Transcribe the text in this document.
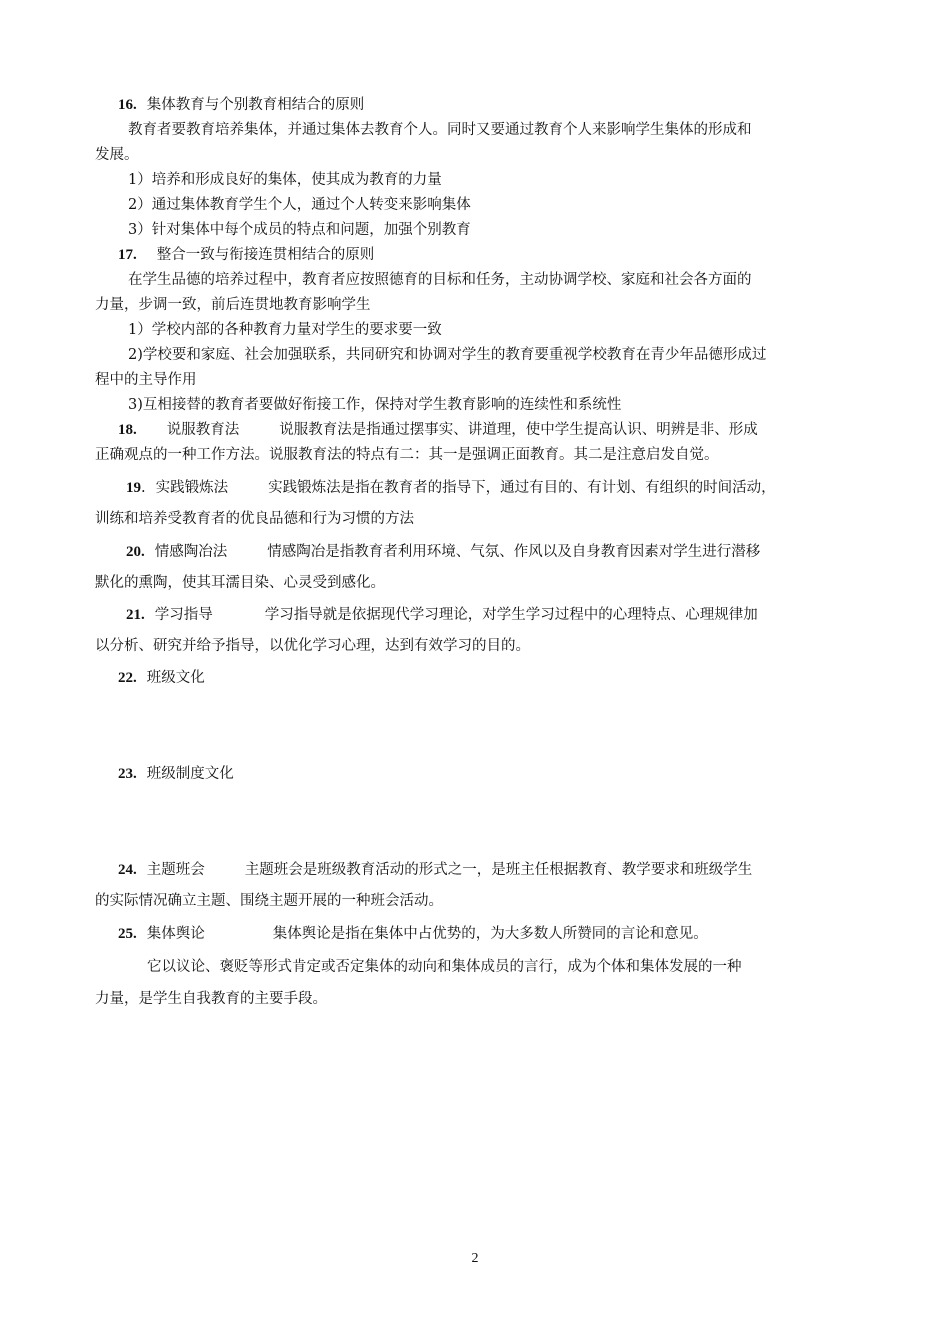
16. 集体教育与个别教育相结合的原则
教育者要教育培养集体，并通过集体去教育个人。同时又要通过教育个人来影响学生集体的形成和
发展。
1）培养和形成良好的集体，使其成为教育的力量
2）通过集体教育学生个人，通过个人转变来影响集体
3）针对集体中每个成员的特点和问题，加强个别教育
17. 整合一致与衔接连贯相结合的原则
在学生品德的培养过程中，教育者应按照德育的目标和任务，主动协调学校、家庭和社会各方面的
力量，步调一致，前后连贯地教育影响学生
1）学校内部的各种教育力量对学生的要求要一致
2)学校要和家庭、社会加强联系，共同研究和协调对学生的教育要重视学校教育在青少年品德形成过
程中的主导作用
3)互相接替的教育者要做好衔接工作，保持对学生教育影响的连续性和系统性
18. 说服教育法	说服教育法是指通过摆事实、讲道理，使中学生提高认识、明辨是非、形成
正确观点的一种工作方法。说服教育法的特点有二：其一是强调正面教育。其二是注意启发自觉。
19. 实践锻炼法	实践锻炼法是指在教育者的指导下，通过有目的、有计划、有组织的时间活动，
训练和培养受教育者的优良品德和行为习惯的方法
20. 情感陶冶法	情感陶冶是指教育者利用环境、气氛、作风以及自身教育因素对学生进行潜移
默化的熏陶，使其耳濡目染、心灵受到感化。
21. 学习指导	学习指导就是依据现代学习理论，对学生学习过程中的心理特点、心理规律加
以分析、研究并给予指导，以优化学习心理，达到有效学习的目的。
22. 班级文化
23. 班级制度文化
24. 主题班会	主题班会是班级教育活动的形式之一，是班主任根据教育、教学要求和班级学生
的实际情况确立主题、围绕主题开展的一种班会活动。
25. 集体舆论	集体舆论是指在集体中占优势的，为大多数人所赞同的言论和意见。
它以议论、褒贬等形式肯定或否定集体的动向和集体成员的言行，成为个体和集体发展的一种
力量，是学生自我教育的主要手段。
2
